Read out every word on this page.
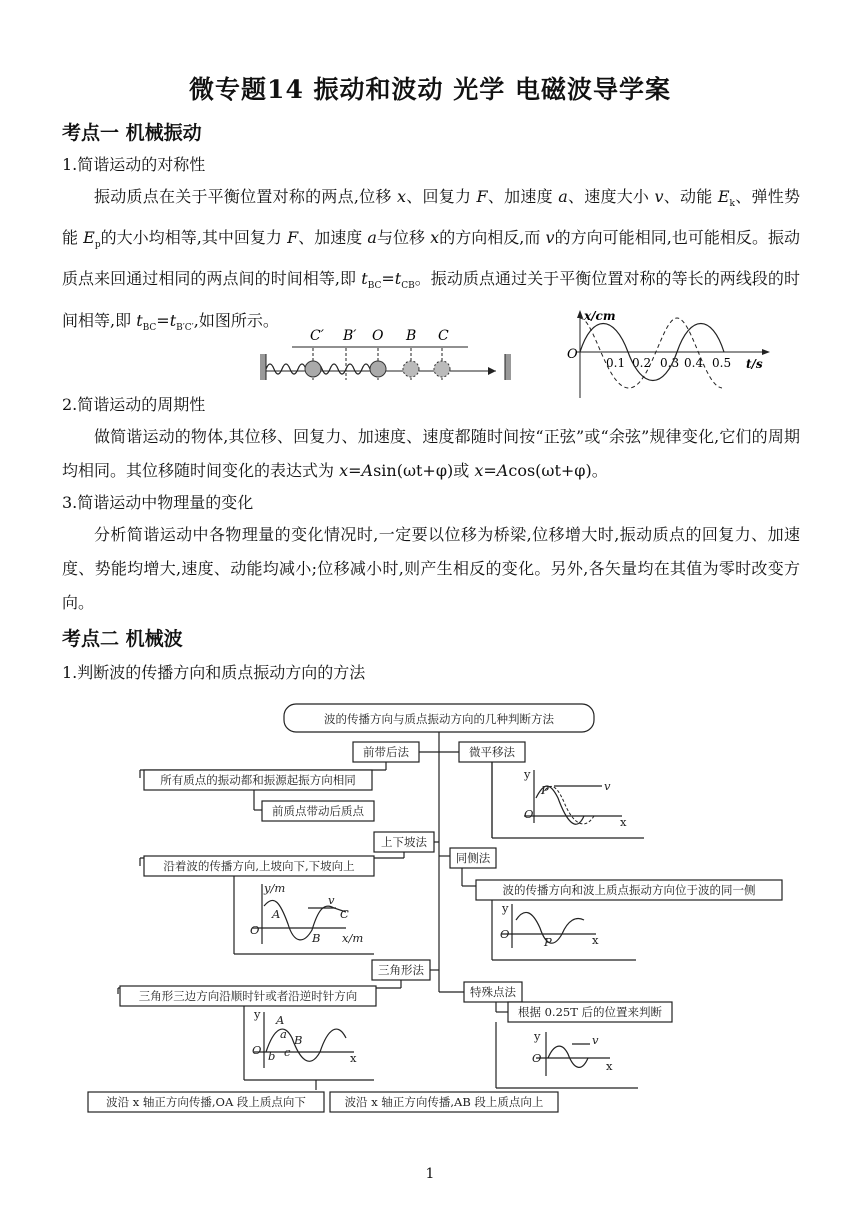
微专题14 振动和波动 光学 电磁波导学案
考点一 机械振动
1.简谐运动的对称性

振动质点在关于平衡位置对称的两点,位移 x、回复力 F、加速度 a、速度大小 v、动能 $E_k$、弹性势能 $E_p$的大小均相等,其中回复力 F、加速度 a与位移 x的方向相反,而 v的方向可能相同,也可能相反。振动质点来回通过相同的两点间的时间相等,即 $t_{BC}=t_{CB}$。振动质点通过关于平衡位置对称的等长的两线段的时间相等,即 $t_{BC}=t_{B'C'}$,如图所示。

C′ B′ O B C
x/cm
t/s
O
0.1 0.2 0.3 0.4 0.5
2.简谐运动的周期性

做简谐运动的物体,其位移、回复力、加速度、速度都随时间按“正弦”或“余弦”规律变化,它们的周期均相同。其位移随时间变化的表达式为 x=Asin(ωt+φ)或 x=Acos(ωt+φ)。

3.简谐运动中物理量的变化

分析简谐运动中各物理量的变化情况时,一定要以位移为桥梁,位移增大时,振动质点的回复力、加速度、势能均增大,速度、动能均减小;位移减小时,则产生相反的变化。另外,各矢量均在其值为零时改变方向。

考点二 机械波
1.判断波的传播方向和质点振动方向的方法
波的传播方向与质点振动方向的几种判断方法
前带后法
所有质点的振动都和振源起振方向相同
前质点带动后质点
微平移法
y
x
O
P	v
上下坡法
沿着波的传播方向,上坡向下,下坡向上
y/m
x/m
O
v
A
B
C
同侧法
波的传播方向和波上质点振动方向位于波的同一侧
y
x
O
P
三角形法
三角形三边方向沿顺时针或者沿逆时针方向
y
x
O
A
a B
b c
波沿 x 轴正方向传播,OA 段上质点向下	波沿 x 轴正方向传播,AB 段上质点向上
特殊点法
根据 0.25T 后的位置来判断
y
x
O
v
1
